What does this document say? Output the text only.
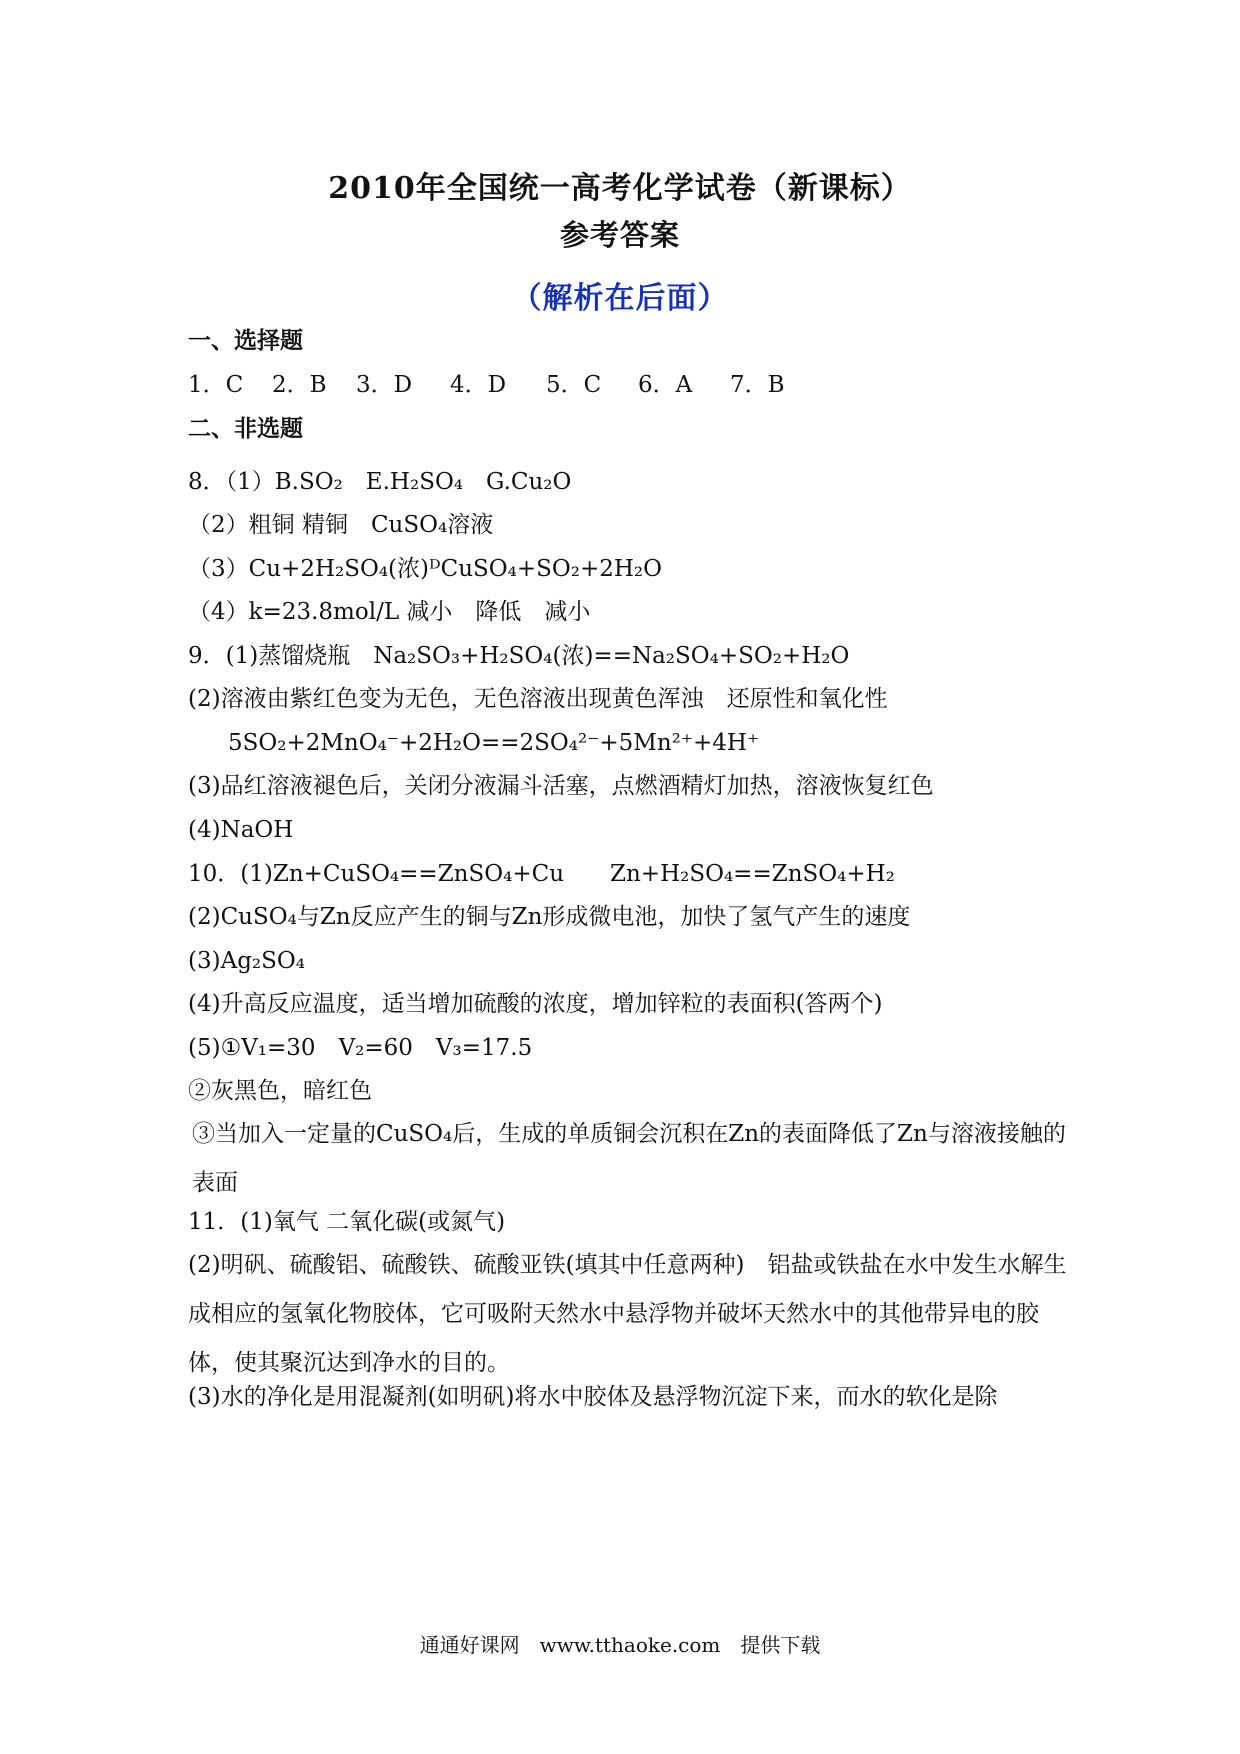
2010年全国统一高考化学试卷（新课标）
参考答案
（解析在后面）
一、选择题
1．C	2．B	3．D	4．D	5．C	6．A	7．B
二、非选题
8．（1）B.SO₂　E.H₂SO₄　G.Cu₂O
（2）粗铜 精铜　CuSO₄溶液
（3）Cu+2H₂SO₄(浓)ᴰCuSO₄+SO₂+2H₂O
（4）k=23.8mol/L 减小　降低　减小
9．(1)蒸馏烧瓶　Na₂SO₃+H₂SO₄(浓)==Na₂SO₄+SO₂+H₂O
(2)溶液由紫红色变为无色，无色溶液出现黄色浑浊　还原性和氧化性
5SO₂+2MnO₄⁻+2H₂O==2SO₄²⁻+5Mn²⁺+4H⁺
(3)品红溶液褪色后，关闭分液漏斗活塞，点燃酒精灯加热，溶液恢复红色
(4)NaOH
10．(1)Zn+CuSO₄==ZnSO₄+Cu　　Zn+H₂SO₄==ZnSO₄+H₂
(2)CuSO₄与Zn反应产生的铜与Zn形成微电池，加快了氢气产生的速度
(3)Ag₂SO₄
(4)升高反应温度，适当增加硫酸的浓度，增加锌粒的表面积(答两个)
(5)①V₁=30　V₂=60　V₃=17.5
②灰黑色，暗红色
③当加入一定量的CuSO₄后，生成的单质铜会沉积在Zn的表面降低了Zn与溶液接触的表面
11．(1)氧气 二氧化碳(或氮气)
(2)明矾、硫酸铝、硫酸铁、硫酸亚铁(填其中任意两种)　铝盐或铁盐在水中发生水解生成相应的氢氧化物胶体，它可吸附天然水中悬浮物并破坏天然水中的其他带异电的胶体，使其聚沉达到净水的目的。
(3)水的净化是用混凝剂(如明矾)将水中胶体及悬浮物沉淀下来，而水的软化是除
通通好课网　www.tthaoke.com　提供下载
